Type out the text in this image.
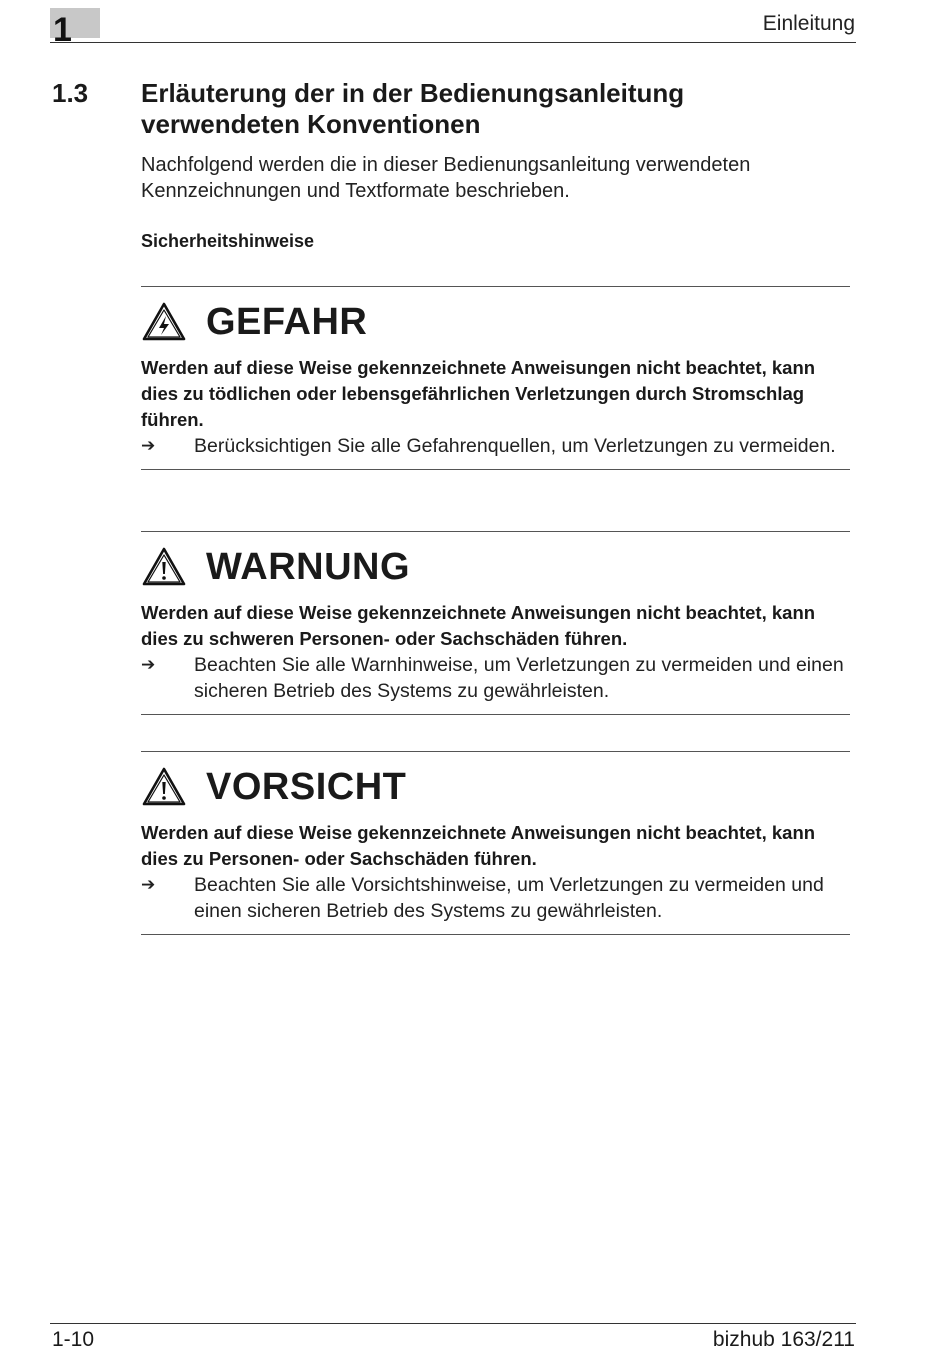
1	Einleitung
1.3 Erläuterung der in der Bedienungsanleitung verwendeten Konventionen
Nachfolgend werden die in dieser Bedienungsanleitung verwendeten Kennzeichnungen und Textformate beschrieben.
Sicherheitshinweise
GEFAHR
Werden auf diese Weise gekennzeichnete Anweisungen nicht beachtet, kann dies zu tödlichen oder lebensgefährlichen Verletzungen durch Stromschlag führen.
➔	Berücksichtigen Sie alle Gefahrenquellen, um Verletzungen zu vermeiden.
WARNUNG
Werden auf diese Weise gekennzeichnete Anweisungen nicht beachtet, kann dies zu schweren Personen- oder Sachschäden führen.
➔	Beachten Sie alle Warnhinweise, um Verletzungen zu vermeiden und einen sicheren Betrieb des Systems zu gewährleisten.
VORSICHT
Werden auf diese Weise gekennzeichnete Anweisungen nicht beachtet, kann dies zu Personen- oder Sachschäden führen.
➔	Beachten Sie alle Vorsichtshinweise, um Verletzungen zu vermeiden und einen sicheren Betrieb des Systems zu gewährleisten.
1-10	bizhub 163/211
